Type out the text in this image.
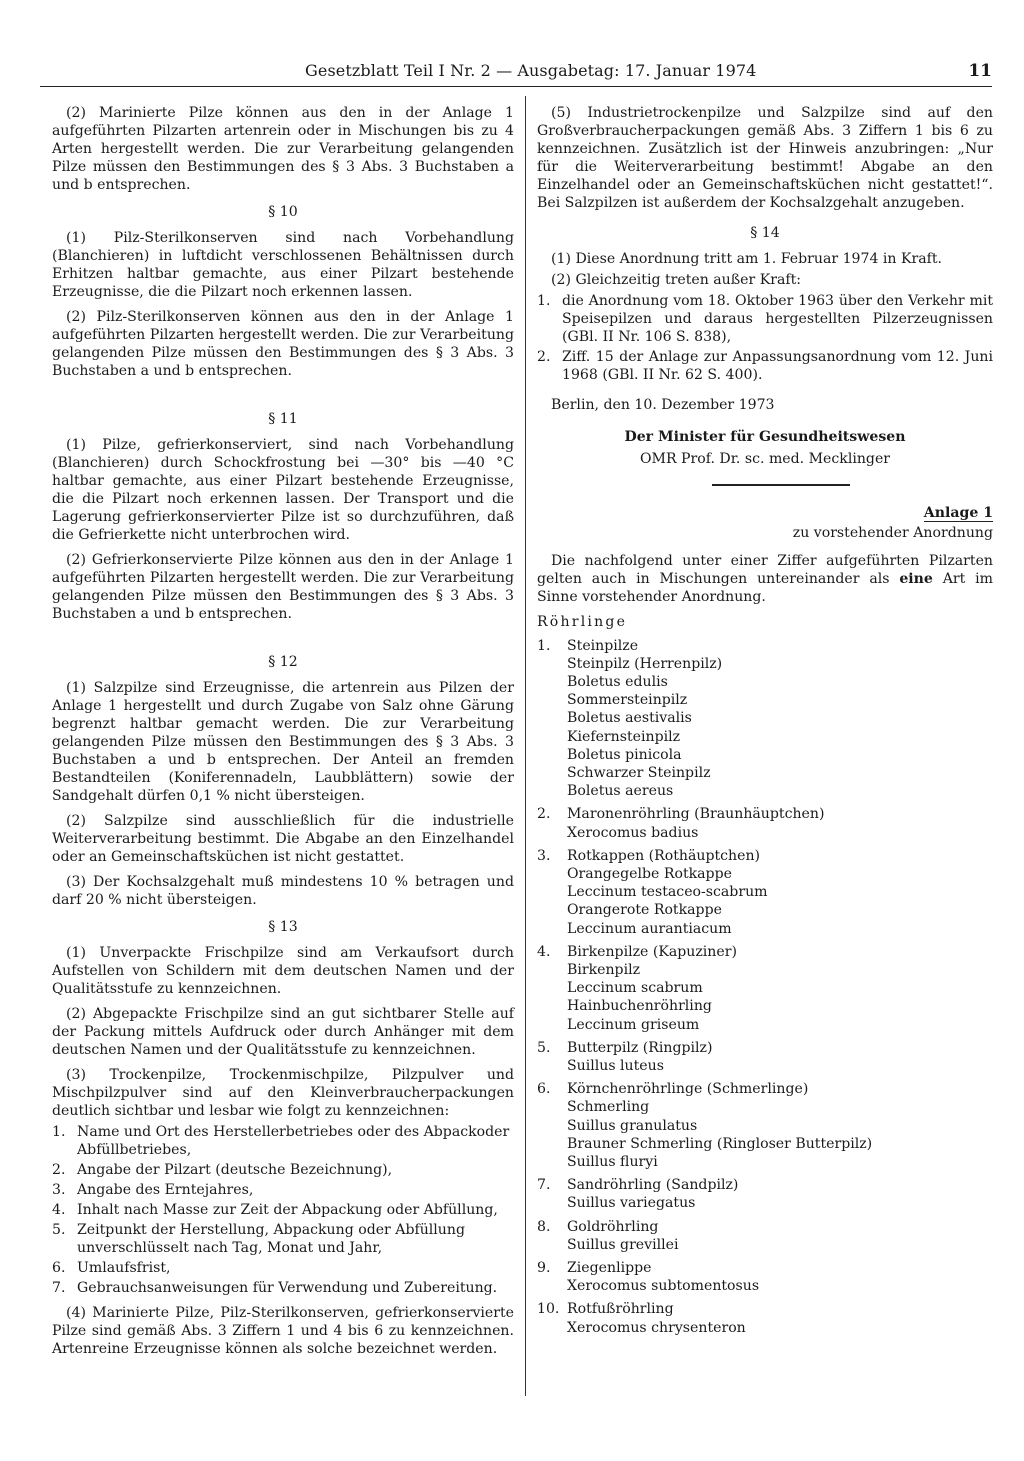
Gesetzblatt Teil I Nr. 2 — Ausgabetag: 17. Januar 1974	11

(2) Marinierte Pilze können aus den in der Anlage 1 aufgeführten Pilzarten artenrein oder in Mischungen bis zu 4 Arten hergestellt werden. Die zur Verarbeitung gelangenden Pilze müssen den Bestimmungen des § 3 Abs. 3 Buchstaben a und b entsprechen.

§ 10

(1) Pilz-Sterilkonserven sind nach Vorbehandlung (Blanchieren) in luftdicht verschlossenen Behältnissen durch Erhitzen haltbar gemachte, aus einer Pilzart bestehende Erzeugnisse, die die Pilzart noch erkennen lassen.

(2) Pilz-Sterilkonserven können aus den in der Anlage 1 aufgeführten Pilzarten hergestellt werden. Die zur Verarbeitung gelangenden Pilze müssen den Bestimmungen des § 3 Abs. 3 Buchstaben a und b entsprechen.

§ 11

(1) Pilze, gefrierkonserviert, sind nach Vorbehandlung (Blanchieren) durch Schockfrostung bei —30° bis —40 °C haltbar gemachte, aus einer Pilzart bestehende Erzeugnisse, die die Pilzart noch erkennen lassen. Der Transport und die Lagerung gefrierkonservierter Pilze ist so durchzuführen, daß die Gefrierkette nicht unterbrochen wird.

(2) Gefrierkonservierte Pilze können aus den in der Anlage 1 aufgeführten Pilzarten hergestellt werden. Die zur Verarbeitung gelangenden Pilze müssen den Bestimmungen des § 3 Abs. 3 Buchstaben a und b entsprechen.

§ 12

(1) Salzpilze sind Erzeugnisse, die artenrein aus Pilzen der Anlage 1 hergestellt und durch Zugabe von Salz ohne Gärung begrenzt haltbar gemacht werden. Die zur Verarbeitung gelangenden Pilze müssen den Bestimmungen des § 3 Abs. 3 Buchstaben a und b entsprechen. Der Anteil an fremden Bestandteilen (Koniferennadeln, Laubblättern) sowie der Sandgehalt dürfen 0,1 % nicht übersteigen.

(2) Salzpilze sind ausschließlich für die industrielle Weiterverarbeitung bestimmt. Die Abgabe an den Einzelhandel oder an Gemeinschaftsküchen ist nicht gestattet.

(3) Der Kochsalzgehalt muß mindestens 10 % betragen und darf 20 % nicht übersteigen.

§ 13

(1) Unverpackte Frischpilze sind am Verkaufsort durch Aufstellen von Schildern mit dem deutschen Namen und der Qualitätsstufe zu kennzeichnen.

(2) Abgepackte Frischpilze sind an gut sichtbarer Stelle auf der Packung mittels Aufdruck oder durch Anhänger mit dem deutschen Namen und der Qualitätsstufe zu kennzeichnen.

(3) Trockenpilze, Trockenmischpilze, Pilzpulver und Mischpilzpulver sind auf den Kleinverbraucherpackungen deutlich sichtbar und lesbar wie folgt zu kennzeichnen:

1. Name und Ort des Herstellerbetriebes oder des Abpackoder Abfüllbetriebes,
2. Angabe der Pilzart (deutsche Bezeichnung),
3. Angabe des Erntejahres,
4. Inhalt nach Masse zur Zeit der Abpackung oder Abfüllung,
5. Zeitpunkt der Herstellung, Abpackung oder Abfüllung unverschlüsselt nach Tag, Monat und Jahr,
6. Umlaufsfrist,
7. Gebrauchsanweisungen für Verwendung und Zubereitung.

(4) Marinierte Pilze, Pilz-Sterilkonserven, gefrierkonservierte Pilze sind gemäß Abs. 3 Ziffern 1 und 4 bis 6 zu kennzeichnen. Artenreine Erzeugnisse können als solche bezeichnet werden.

(5) Industrietrockenpilze und Salzpilze sind auf den Großverbraucherpackungen gemäß Abs. 3 Ziffern 1 bis 6 zu kennzeichnen. Zusätzlich ist der Hinweis anzubringen: „Nur für die Weiterverarbeitung bestimmt! Abgabe an den Einzelhandel oder an Gemeinschaftsküchen nicht gestattet!“. Bei Salzpilzen ist außerdem der Kochsalzgehalt anzugeben.

§ 14

(1) Diese Anordnung tritt am 1. Februar 1974 in Kraft.

(2) Gleichzeitig treten außer Kraft:

1. die Anordnung vom 18. Oktober 1963 über den Verkehr mit Speisepilzen und daraus hergestellten Pilzerzeugnissen (GBl. II Nr. 106 S. 838),
2. Ziff. 15 der Anlage zur Anpassungsanordnung vom 12. Juni 1968 (GBl. II Nr. 62 S. 400).

Berlin, den 10. Dezember 1973

Der Minister für Gesundheitswesen
OMR Prof. Dr. sc. med. Mecklinger
Anlage 1
zu vorstehender Anordnung

Die nachfolgend unter einer Ziffer aufgeführten Pilzarten gelten auch in Mischungen untereinander als eine Art im Sinne vorstehender Anordnung.

Röhrlinge
1.	Steinpilze
Steinpilz (Herrenpilz)
Boletus edulis
Sommersteinpilz
Boletus aestivalis
Kiefernsteinpilz
Boletus pinicola
Schwarzer Steinpilz
Boletus aereus
2.	Maronenröhrling (Braunhäuptchen)
Xerocomus badius
3.	Rotkappen (Rothäuptchen)
Orangegelbe Rotkappe
Leccinum testaceo-scabrum
Orangerote Rotkappe
Leccinum aurantiacum
4.	Birkenpilze (Kapuziner)
Birkenpilz
Leccinum scabrum
Hainbuchenröhrling
Leccinum griseum
5.	Butterpilz (Ringpilz)
Suillus luteus
6.	Körnchenröhrlinge (Schmerlinge)
Schmerling
Suillus granulatus
Brauner Schmerling (Ringloser Butterpilz)
Suillus fluryi
7.	Sandröhrling (Sandpilz)
Suillus variegatus
8.	Goldröhrling
Suillus grevillei
9.	Ziegenlippe
Xerocomus subtomentosus
10. Rotfußröhrling
Xerocomus chrysenteron
